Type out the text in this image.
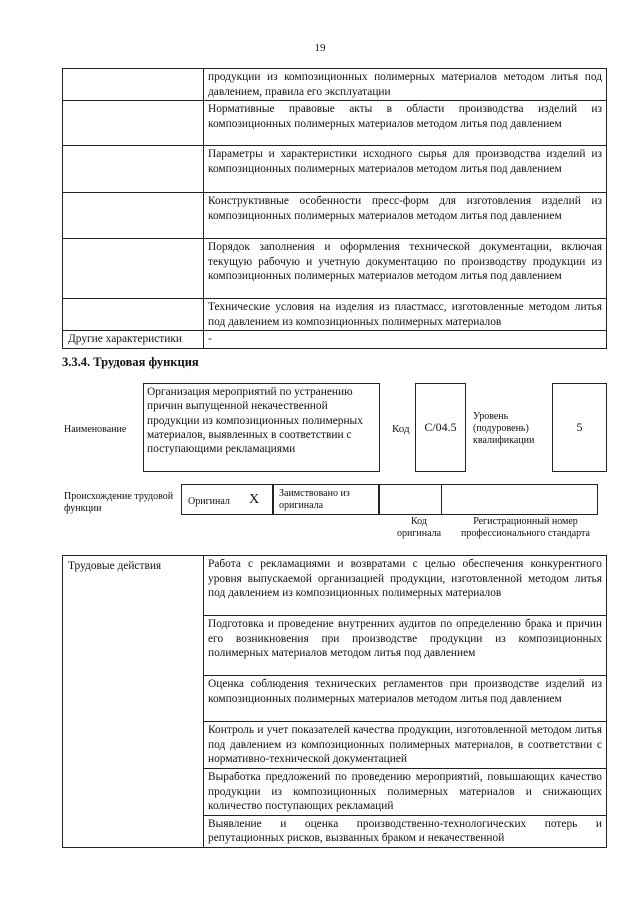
19
	продукции из композиционных полимерных материалов методом литья под давлением, правила его эксплуатации
	Нормативные правовые акты в области производства изделий из композиционных полимерных материалов методом литья под давлением
	Параметры и характеристики исходного сырья для производства изделий из композиционных полимерных материалов методом литья под давлением
	Конструктивные особенности пресс-форм для изготовления изделий из композиционных полимерных материалов методом литья под давлением
	Порядок заполнения и оформления технической документации, включая текущую рабочую и учетную документацию по производству продукции из композиционных полимерных материалов методом литья под давлением
	Технические условия на изделия из пластмасс, изготовленные методом литья под давлением из композиционных полимерных материалов
Другие характеристики	-
3.3.4. Трудовая функция
Наименование
Организация мероприятий по устранению причин выпущенной некачественной продукции из композиционных полимерных материалов, выявленных в соответствии с поступающими рекламациями
Код	C/04.5
Уровень (подуровень) квалификации
5
Происхождение трудовой функции
Оригинал X Заимствовано из оригинала
Код оригинала
Регистрационный номер профессионального стандарта
Трудовые действия	Работа с рекламациями и возвратами с целью обеспечения конкурентного уровня выпускаемой организацией продукции, изготовленной методом литья под давлением из композиционных полимерных материалов
Подготовка и проведение внутренних аудитов по определению брака и причин его возникновения при производстве продукции из композиционных полимерных материалов методом литья под давлением
Оценка соблюдения технических регламентов при производстве изделий из композиционных полимерных материалов методом литья под давлением
Контроль и учет показателей качества продукции, изготовленной методом литья под давлением из композиционных полимерных материалов, в соответствии с нормативно-технической документацией
Выработка предложений по проведению мероприятий, повышающих качество продукции из композиционных полимерных материалов и снижающих количество поступающих рекламаций
Выявление и оценка производственно-технологических потерь и репутационных рисков, вызванных браком и некачественной
